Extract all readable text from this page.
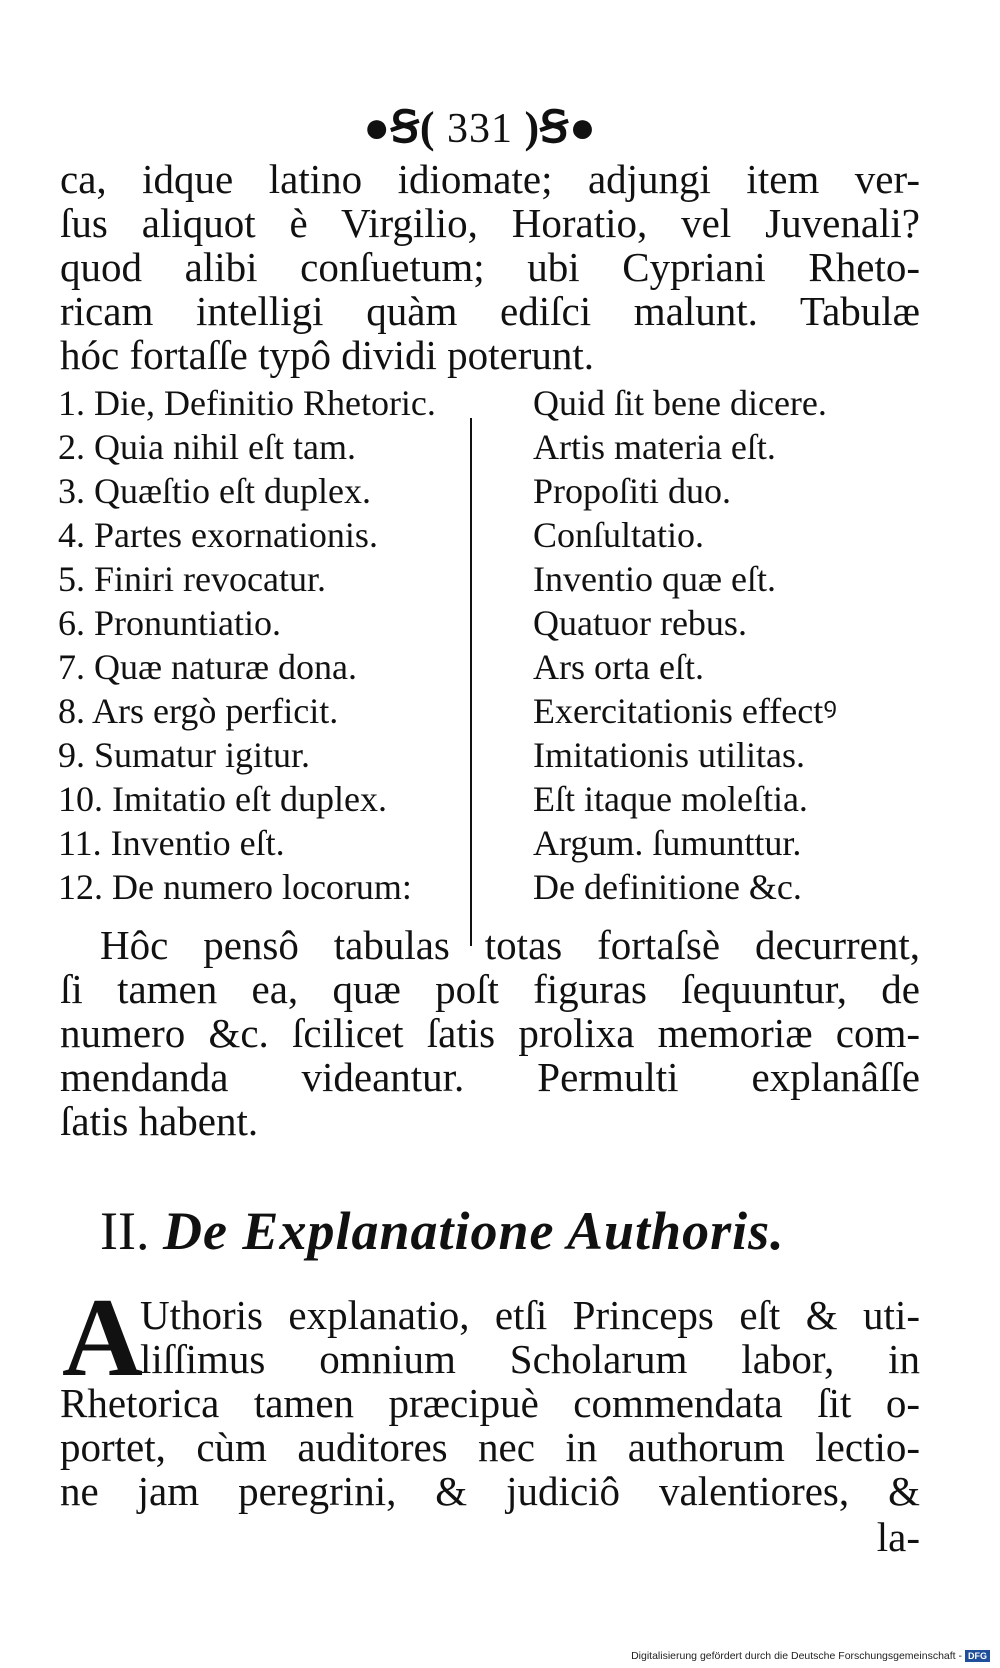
●Ꞩ( 331 )Ꞩ●
ca, idque latino idiomate; adjungi item ver-
ſus aliquot è Virgilio, Horatio, vel Juvenali?
quod alibi conſuetum; ubi Cypriani Rheto-
ricam intelligi quàm ediſci malunt. Tabulæ
hóc fortaſſe typô dividi poterunt.
1. Die, Definitio Rhetoric.	Quid ſit bene dicere.
2. Quia nihil eſt tam.	Artis materia eſt.
3. Quæſtio eſt duplex.	Propoſiti duo.
4. Partes exornationis.	Conſultatio.
5. Finiri revocatur.	Inventio quæ eſt.
6. Pronuntiatio.	Quatuor rebus.
7. Quæ naturæ dona.	Ars orta eſt.
8. Ars ergò perficit.	Exercitationis effectꝰ
9. Sumatur igitur.	Imitationis utilitas.
10. Imitatio eſt duplex.	Eſt itaque moleſtia.
11. Inventio eſt.	Argum. ſumunttur.
12. De numero locorum:	De definitione &c.
Hôc pensô tabulas totas fortaſsè decurrent,
ſi tamen ea, quæ poſt figuras ſequuntur, de
numero &c. ſcilicet ſatis prolixa memoriæ com-
mendanda videantur. Permulti explanâſſe
ſatis habent.
II. De Explanatione Authoris.
A
Uthoris explanatio, etſi Princeps eſt & uti-
liſſimus omnium Scholarum labor, in
Rhetorica tamen præcipuè commendata ſit o-
portet, cùm auditores nec in authorum lectio-
ne jam peregrini, & judiciô valentiores, &
la-
Digitalisierung gefördert durch die Deutsche Forschungsgemeinschaft - DFG
